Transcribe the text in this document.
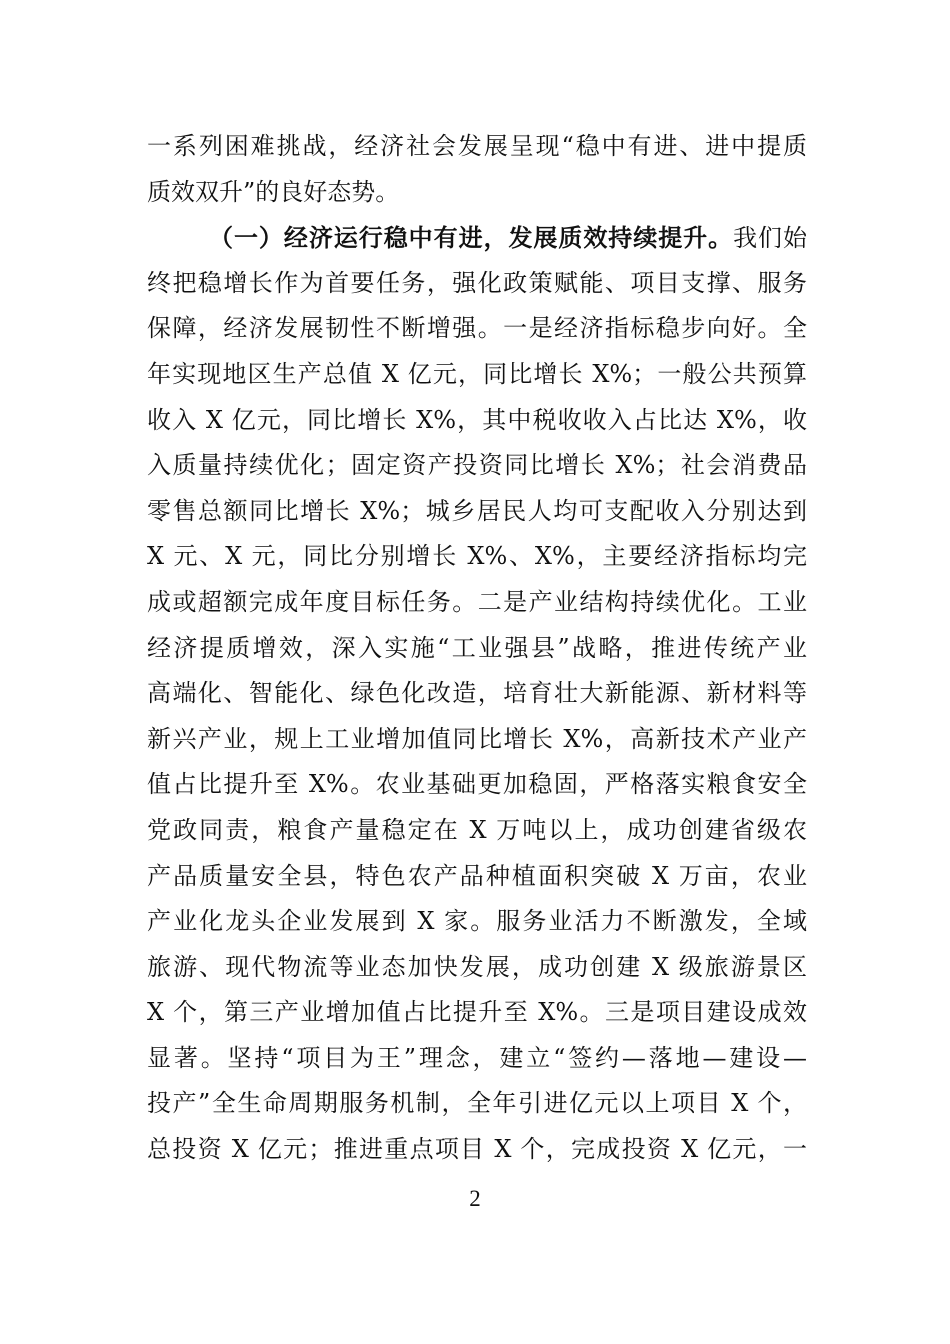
一系列困难挑战，经济社会发展呈现“稳中有进、进中提质
质效双升”的良好态势。
（一）经济运行稳中有进，发展质效持续提升。我们始
终把稳增长作为首要任务，强化政策赋能、项目支撑、服务
保障，经济发展韧性不断增强。一是经济指标稳步向好。全
年实现地区生产总值 X 亿元，同比增长 X%；一般公共预算
收入 X 亿元，同比增长 X%，其中税收收入占比达 X%，收
入质量持续优化；固定资产投资同比增长 X%；社会消费品
零售总额同比增长 X%；城乡居民人均可支配收入分别达到
X 元、X 元，同比分别增长 X%、X%，主要经济指标均完
成或超额完成年度目标任务。二是产业结构持续优化。工业
经济提质增效，深入实施“工业强县”战略，推进传统产业
高端化、智能化、绿色化改造，培育壮大新能源、新材料等
新兴产业，规上工业增加值同比增长 X%，高新技术产业产
值占比提升至 X%。农业基础更加稳固，严格落实粮食安全
党政同责，粮食产量稳定在 X 万吨以上，成功创建省级农
产品质量安全县，特色农产品种植面积突破 X 万亩，农业
产业化龙头企业发展到 X 家。服务业活力不断激发，全域
旅游、现代物流等业态加快发展，成功创建 X 级旅游景区
X 个，第三产业增加值占比提升至 X%。三是项目建设成效
显著。坚持“项目为王”理念，建立“签约—落地—建设—
投产”全生命周期服务机制，全年引进亿元以上项目 X 个，
总投资 X 亿元；推进重点项目 X 个，完成投资 X 亿元，一
2
